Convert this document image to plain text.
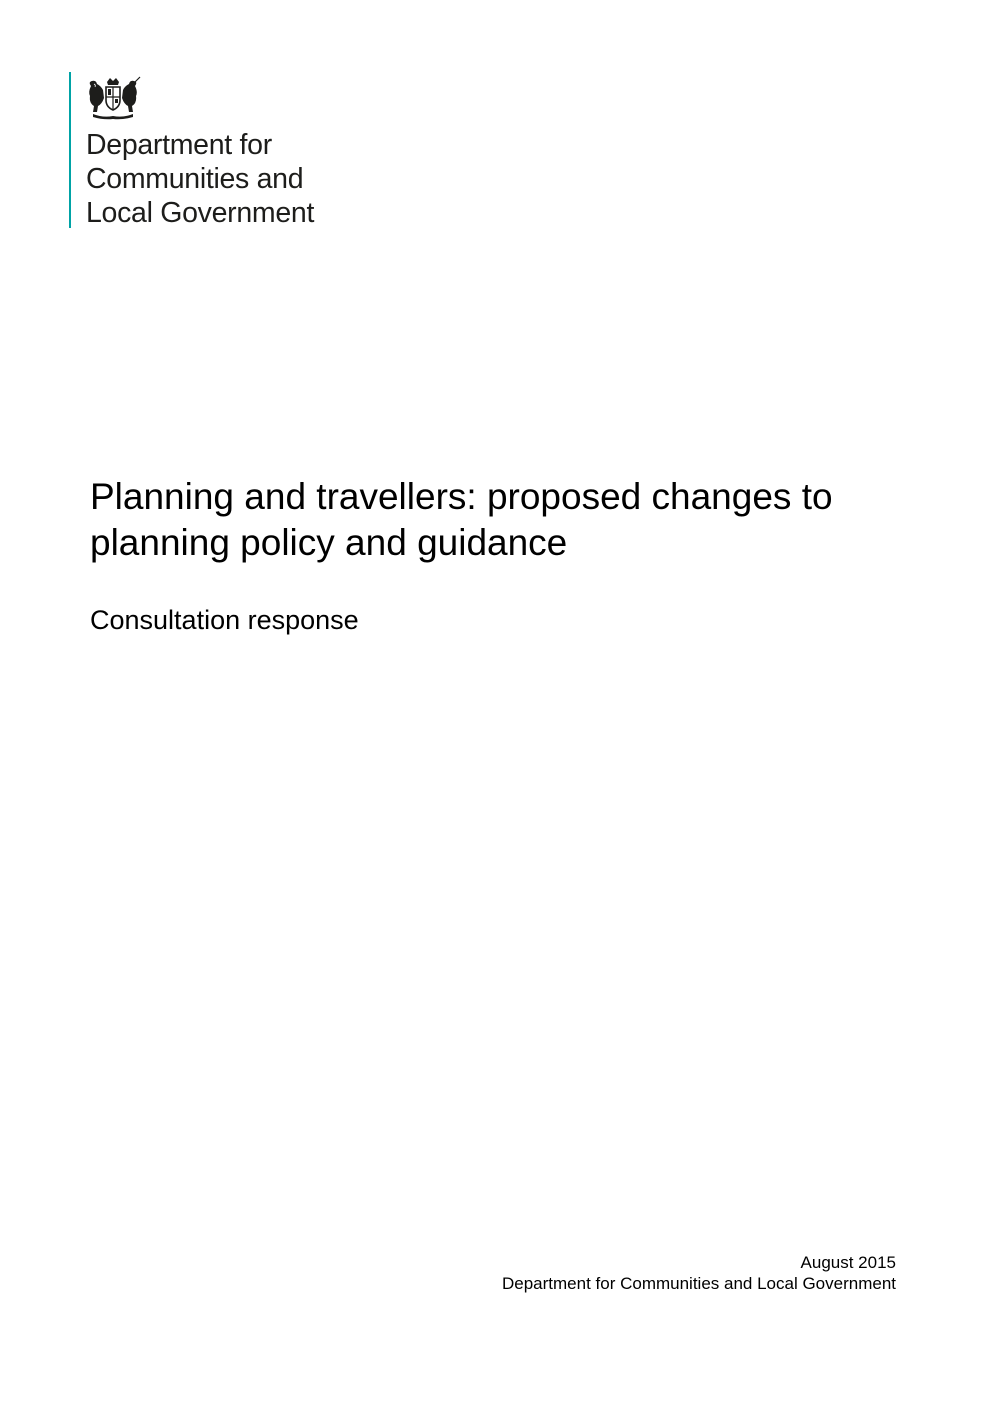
Department for
Communities and
Local Government
Planning and travellers: proposed changes to planning policy and guidance

Consultation response

August 2015
Department for Communities and Local Government
